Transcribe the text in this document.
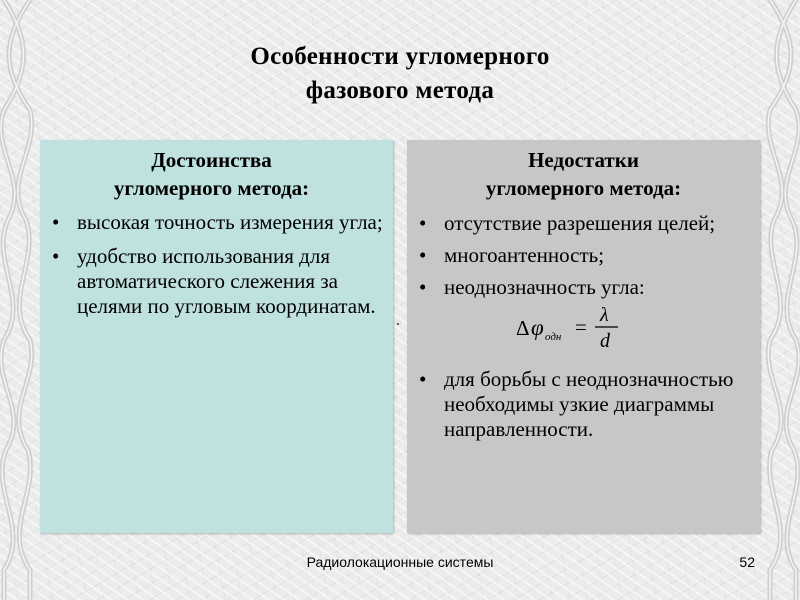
Особенности угломерного
фазового метода
Достоинства
угломерного метода:
• высокая точность измерения угла;
• удобство использования для автоматического слежения за целями по угловым координатам.
Недостатки
угломерного метода:
• отсутствие разрешения целей;
• многоантенность;
• неоднозначность угла:
Δ φ одн = λ
d
• для борьбы с неоднозначностью необходимы узкие диаграммы направленности.
Радиолокационные системы	52
